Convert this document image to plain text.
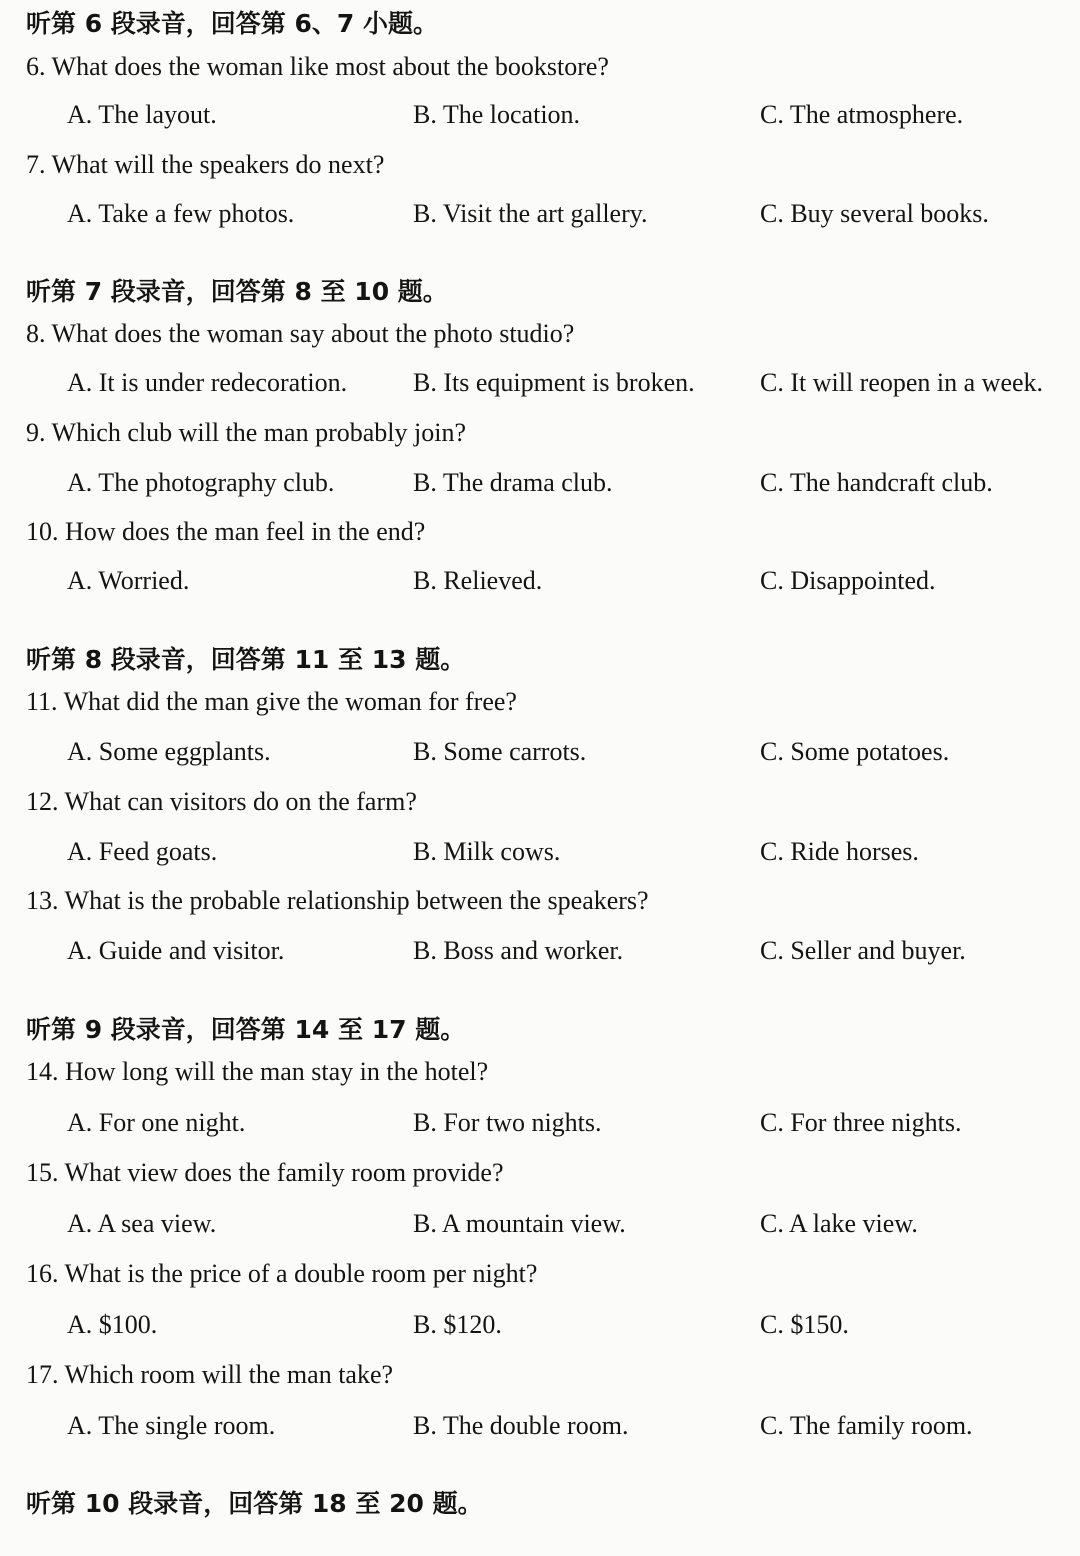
听第 6 段录音，回答第 6、7 小题。
6. What does the woman like most about the bookstore?
A. The layout.	B. The location.	C. The atmosphere.
7. What will the speakers do next?
A. Take a few photos.	B. Visit the art gallery.	C. Buy several books.
听第 7 段录音，回答第 8 至 10 题。
8. What does the woman say about the photo studio?
A. It is under redecoration.	B. Its equipment is broken.	C. It will reopen in a week.
9. Which club will the man probably join?
A. The photography club.	B. The drama club.	C. The handcraft club.
10. How does the man feel in the end?
A. Worried.	B. Relieved.	C. Disappointed.
听第 8 段录音，回答第 11 至 13 题。
11. What did the man give the woman for free?
A. Some eggplants.	B. Some carrots.	C. Some potatoes.
12. What can visitors do on the farm?
A. Feed goats.	B. Milk cows.	C. Ride horses.
13. What is the probable relationship between the speakers?
A. Guide and visitor.	B. Boss and worker.	C. Seller and buyer.
听第 9 段录音，回答第 14 至 17 题。
14. How long will the man stay in the hotel?
A. For one night.	B. For two nights.	C. For three nights.
15. What view does the family room provide?
A. A sea view.	B. A mountain view.	C. A lake view.
16. What is the price of a double room per night?
A. $100.	B. $120.	C. $150.
17. Which room will the man take?
A. The single room.	B. The double room.	C. The family room.
听第 10 段录音，回答第 18 至 20 题。
